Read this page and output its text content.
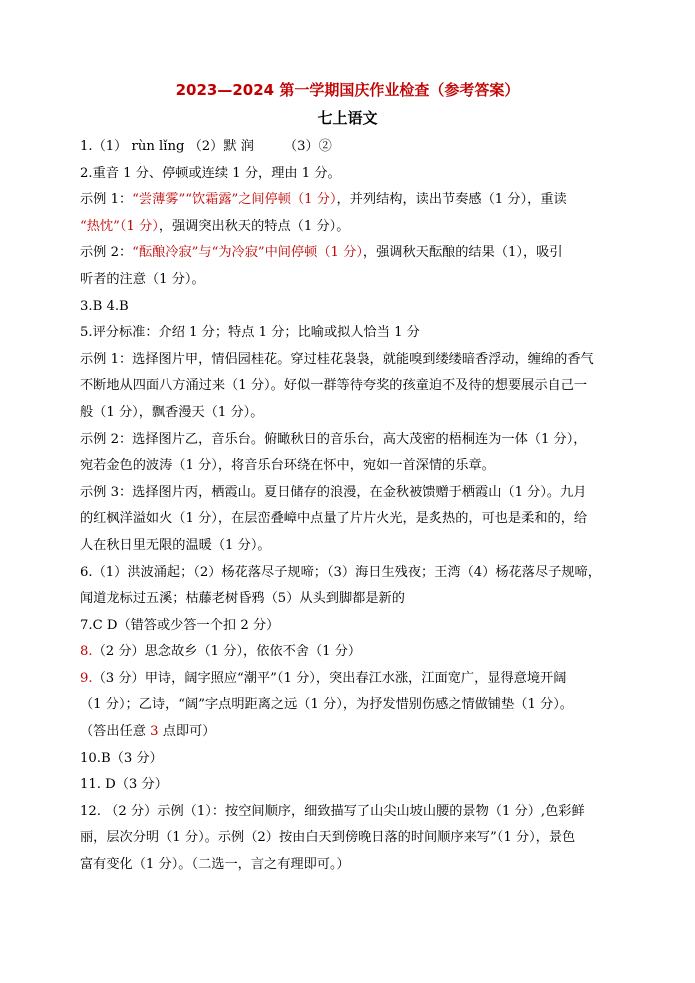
2023—2024 第一学期国庆作业检查（参考答案）
七上语文
1.（1） rùn lǐng （2）默 润 （3）②
2.重音 1 分、停顿或连续 1 分，理由 1 分。
示例 1：“尝薄雾”“饮霜露”之间停顿（1 分），并列结构，读出节奏感（1 分），重读
“热忱”（1 分），强调突出秋天的特点（1 分）。
示例 2：“酝酿冷寂”与“为冷寂”中间停顿（1 分），强调秋天酝酿的结果（1），吸引
听者的注意（1 分）。
3.B 4.B
5.评分标准：介绍 1 分；特点 1 分；比喻或拟人恰当 1 分
示例 1：选择图片甲，情侣园桂花。穿过桂花袅袅，就能嗅到缕缕暗香浮动，缠绵的香气
不断地从四面八方涌过来（1 分）。好似一群等待夸奖的孩童迫不及待的想要展示自己一
般（1 分），飘香漫天（1 分）。
示例 2：选择图片乙，音乐台。俯瞰秋日的音乐台，高大茂密的梧桐连为一体（1 分），
宛若金色的波涛（1 分），将音乐台环绕在怀中，宛如一首深情的乐章。
示例 3：选择图片丙，栖霞山。夏日储存的浪漫，在金秋被馈赠于栖霞山（1 分）。九月
的红枫洋溢如火（1 分），在层峦叠嶂中点量了片片火光，是炙热的，可也是柔和的，给
人在秋日里无限的温暖（1 分）。
6.（1）洪波涌起；（2）杨花落尽子规啼；（3）海日生残夜；王湾（4）杨花落尽子规啼，
闻道龙标过五溪；枯藤老树昏鸦（5）从头到脚都是新的
7.C D（错答或少答一个扣 2 分）
8.（2 分）思念故乡（1 分），依依不舍（1 分）
9.（3 分）甲诗，阔字照应“潮平”（1 分），突出春江水涨，江面宽广，显得意境开阔
（1 分）；乙诗，“阔”字点明距离之远（1 分），为抒发惜别伤感之情做铺垫（1 分）。
（答出任意 3 点即可）
10.B（3 分）
11. D（3 分）
12. （2 分）示例（1）：按空间顺序，细致描写了山尖山坡山腰的景物（1 分）,色彩鲜
丽，层次分明（1 分）。示例（2）按由白天到傍晚日落的时间顺序来写”（1 分），景色
富有变化（1 分）。（二选一，言之有理即可。）
